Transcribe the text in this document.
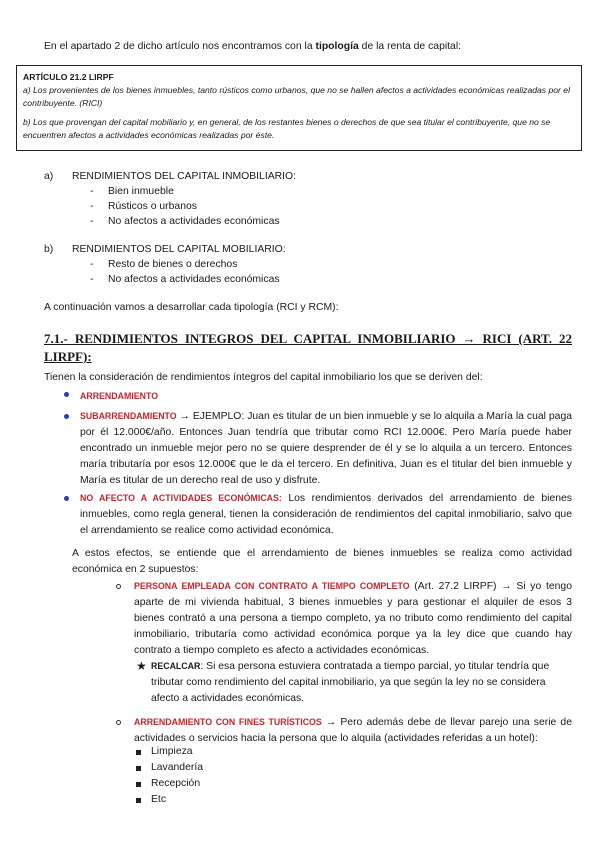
En el apartado 2 de dicho artículo nos encontramos con la tipología de la renta de capital:
ARTÍCULO 21.2 LIRPF
a) Los provenientes de los bienes inmuebles, tanto rústicos como urbanos, que no se hallen afectos a actividades económicas realizadas por el contribuyente. (RICI)
b) Los que provengan del capital mobiliario y, en general, de los restantes bienes o derechos de que sea titular el contribuyente, que no se encuentren afectos a actividades económicas realizadas por éste.
a) RENDIMIENTOS DEL CAPITAL INMOBILIARIO:
- Bien inmueble
- Rústicos o urbanos
- No afectos a actividades económicas
b) RENDIMIENTOS DEL CAPITAL MOBILIARIO:
- Resto de bienes o derechos
- No afectos a actividades económicas
A continuación vamos a desarrollar cada tipología (RCI y RCM):
7.1.- RENDIMIENTOS INTEGROS DEL CAPITAL INMOBILIARIO → RICI (ART. 22 LIRPF):
Tienen la consideración de rendimientos íntegros del capital inmobiliario los que se deriven del:
ARRENDAMIENTO
SUBARRENDAMIENTO → EJEMPLO: Juan es titular de un bien inmueble y se lo alquila a María la cual paga por él 12.000€/año. Entonces Juan tendría que tributar como RCI 12.000€. Pero María puede haber encontrado un inmueble mejor pero no se quiere desprender de él y se lo alquila a un tercero. Entonces maría tributaría por esos 12.000€ que le da el tercero. En definitiva, Juan es el titular del bien inmueble y María es titular de un derecho real de uso y disfrute.
NO AFECTO A ACTIVIDADES ECONÓMICAS: Los rendimientos derivados del arrendamiento de bienes inmuebles, como regla general, tienen la consideración de rendimientos del capital inmobiliario, salvo que el arrendamiento se realice como actividad económica.
A estos efectos, se entiende que el arrendamiento de bienes inmuebles se realiza como actividad económica en 2 supuestos:
PERSONA EMPLEADA CON CONTRATO A TIEMPO COMPLETO (Art. 27.2 LIRPF) → Si yo tengo aparte de mi vivienda habitual, 3 bienes inmuebles y para gestionar el alquiler de esos 3 bienes contrató a una persona a tiempo completo, ya no tributo como rendimiento del capital inmobiliario, tributaría como actividad económica porque ya la ley dice que cuando hay contrato a tiempo completo es afecto a actividades económicas.
★ RECALCAR: Si esa persona estuviera contratada a tiempo parcial, yo titular tendría que tributar como rendimiento del capital inmobiliario, ya que según la ley no se considera afecto a actividades económicas.
ARRENDAMIENTO CON FINES TURÍSTICOS → Pero además debe de llevar parejo una serie de actividades o servicios hacia la persona que lo alquila (actividades referidas a un hotel):
Limpieza
Lavandería
Recepción
Etc
